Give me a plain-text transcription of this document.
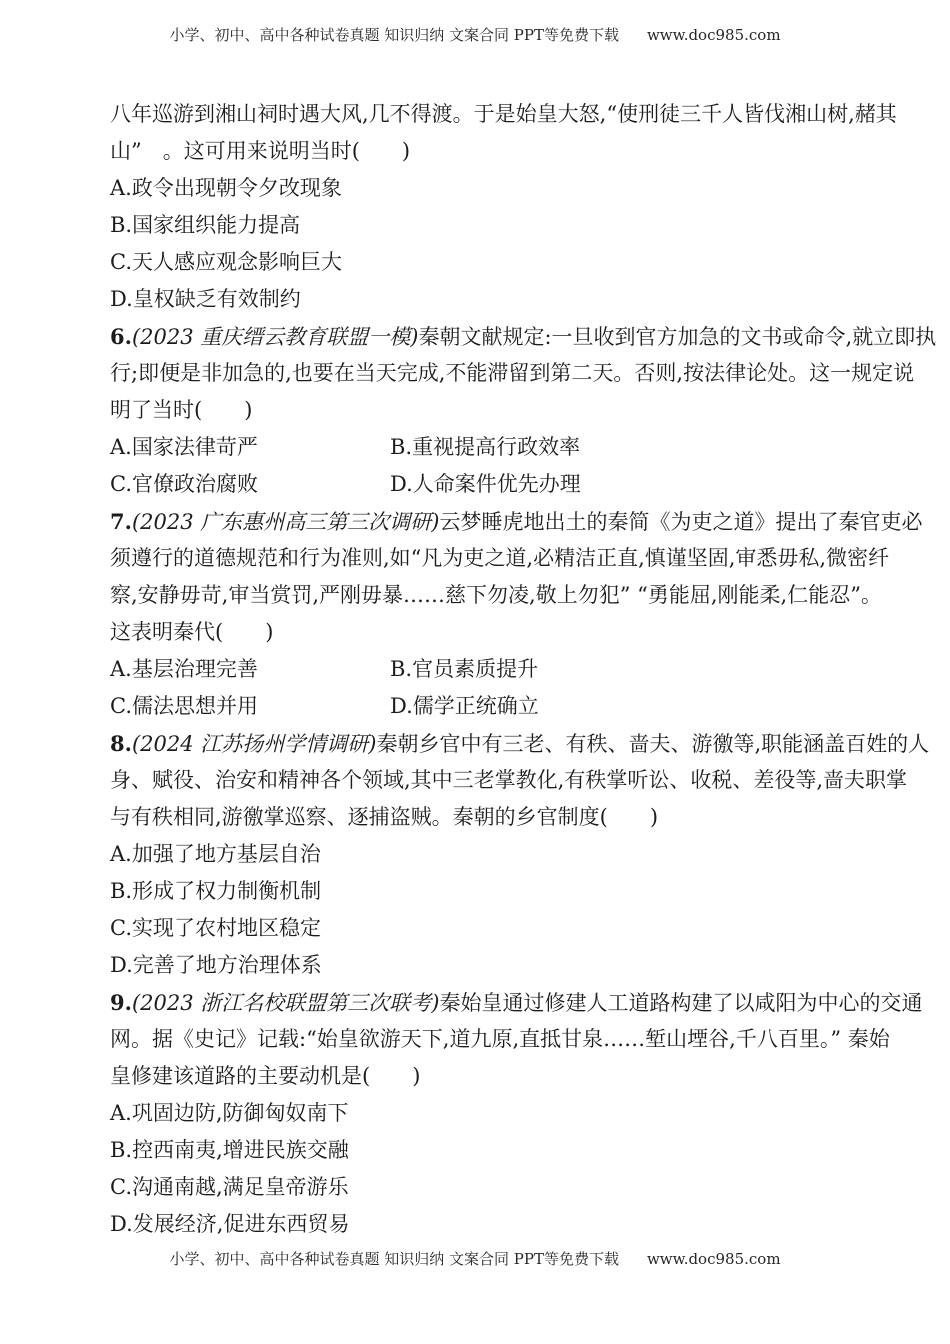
小学、初中、高中各种试卷真题 知识归纳 文案合同 PPT等免费下载 www.doc985.com
八年巡游到湘山祠时遇大风,几不得渡。于是始皇大怒,“使刑徒三千人皆伐湘山树,赭其
山”　。这可用来说明当时(　　)
A.政令出现朝令夕改现象
B.国家组织能力提高
C.天人感应观念影响巨大
D.皇权缺乏有效制约
6.(2023 重庆缙云教育联盟一模)秦朝文献规定:一旦收到官方加急的文书或命令,就立即执
行;即便是非加急的,也要在当天完成,不能滞留到第二天。否则,按法律论处。这一规定说
明了当时(　　)
A.国家法律苛严	B.重视提高行政效率
C.官僚政治腐败	D.人命案件优先办理
7.(2023 广东惠州高三第三次调研)云梦睡虎地出土的秦简《为吏之道》提出了秦官吏必
须遵行的道德规范和行为准则,如“凡为吏之道,必精洁正直,慎谨坚固,审悉毋私,微密纤
察,安静毋苛,审当赏罚,严刚毋暴……慈下勿凌,敬上勿犯” “勇能屈,刚能柔,仁能忍”。
这表明秦代(　　)
A.基层治理完善	B.官员素质提升
C.儒法思想并用	D.儒学正统确立
8.(2024 江苏扬州学情调研)秦朝乡官中有三老、有秩、啬夫、游徼等,职能涵盖百姓的人
身、赋役、治安和精神各个领域,其中三老掌教化,有秩掌听讼、收税、差役等,啬夫职掌
与有秩相同,游徼掌巡察、逐捕盗贼。秦朝的乡官制度(　　)
A.加强了地方基层自治
B.形成了权力制衡机制
C.实现了农村地区稳定
D.完善了地方治理体系
9.(2023 浙江名校联盟第三次联考)秦始皇通过修建人工道路构建了以咸阳为中心的交通
网。据《史记》记载:“始皇欲游天下,道九原,直抵甘泉……堑山堙谷,千八百里。” 秦始
皇修建该道路的主要动机是(　　)
A.巩固边防,防御匈奴南下
B.控西南夷,增进民族交融
C.沟通南越,满足皇帝游乐
D.发展经济,促进东西贸易
小学、初中、高中各种试卷真题 知识归纳 文案合同 PPT等免费下载 www.doc985.com
